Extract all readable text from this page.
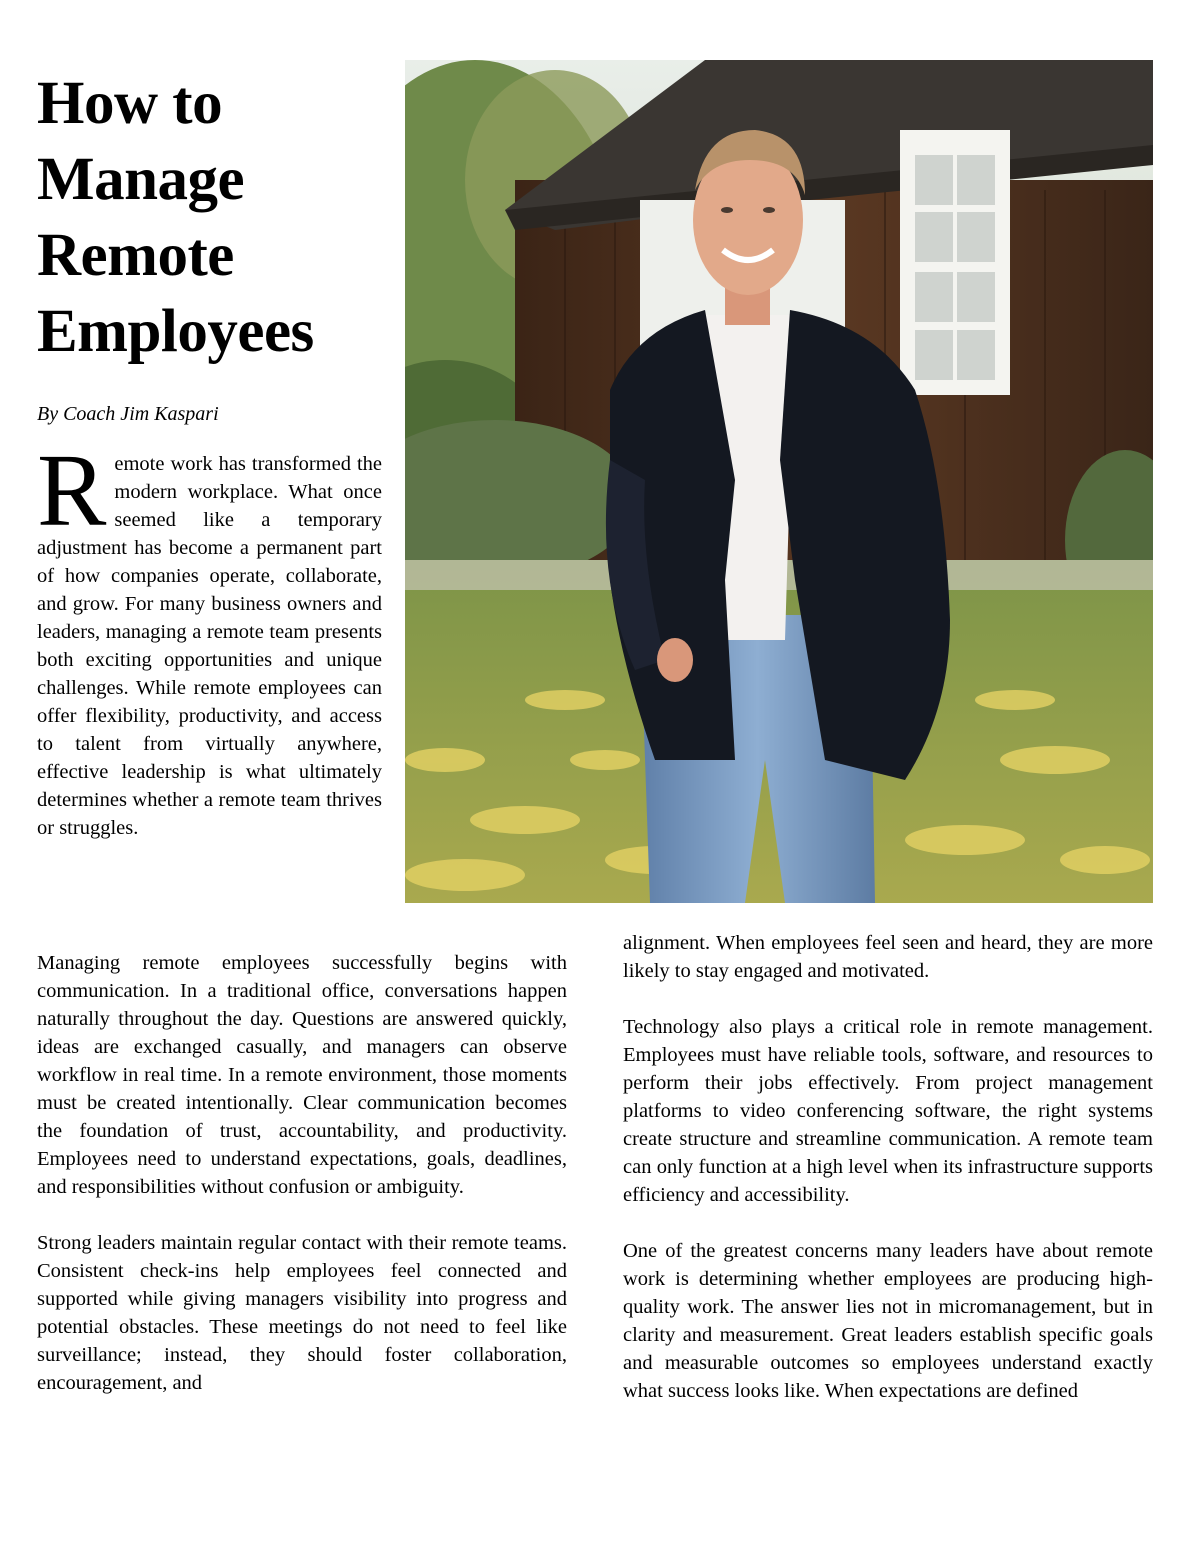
How to Manage Remote Employees

By Coach Jim Kaspari

Remote work has transformed the modern workplace. What once seemed like a temporary adjustment has become a permanent part of how companies operate, collaborate, and grow. For many business owners and leaders, managing a remote team presents both exciting opportunities and unique challenges. While remote employees can offer flexibility, productivity, and access to talent from virtually anywhere, effective leadership is what ultimately determines whether a remote team thrives or struggles.

Managing remote employees successfully begins with communication. In a traditional office, conversations happen naturally throughout the day. Questions are answered quickly, ideas are exchanged casually, and managers can observe workflow in real time. In a remote environment, those moments must be created intentionally. Clear communication becomes the foundation of trust, accountability, and productivity. Employees need to understand expectations, goals, deadlines, and responsibilities without confusion or ambiguity.

Strong leaders maintain regular contact with their remote teams. Consistent check-ins help employees feel connected and supported while giving managers visibility into progress and potential obstacles. These meetings do not need to feel like surveillance; instead, they should foster collaboration, encouragement, and

alignment. When employees feel seen and heard, they are more likely to stay engaged and motivated.

Technology also plays a critical role in remote management. Employees must have reliable tools, software, and resources to perform their jobs effectively. From project management platforms to video conferencing software, the right systems create structure and streamline communication. A remote team can only function at a high level when its infrastructure supports efficiency and accessibility.

One of the greatest concerns many leaders have about remote work is determining whether employees are producing high-quality work. The answer lies not in micromanagement, but in clarity and measurement. Great leaders establish specific goals and measurable outcomes so employees understand exactly what success looks like. When expectations are defined
